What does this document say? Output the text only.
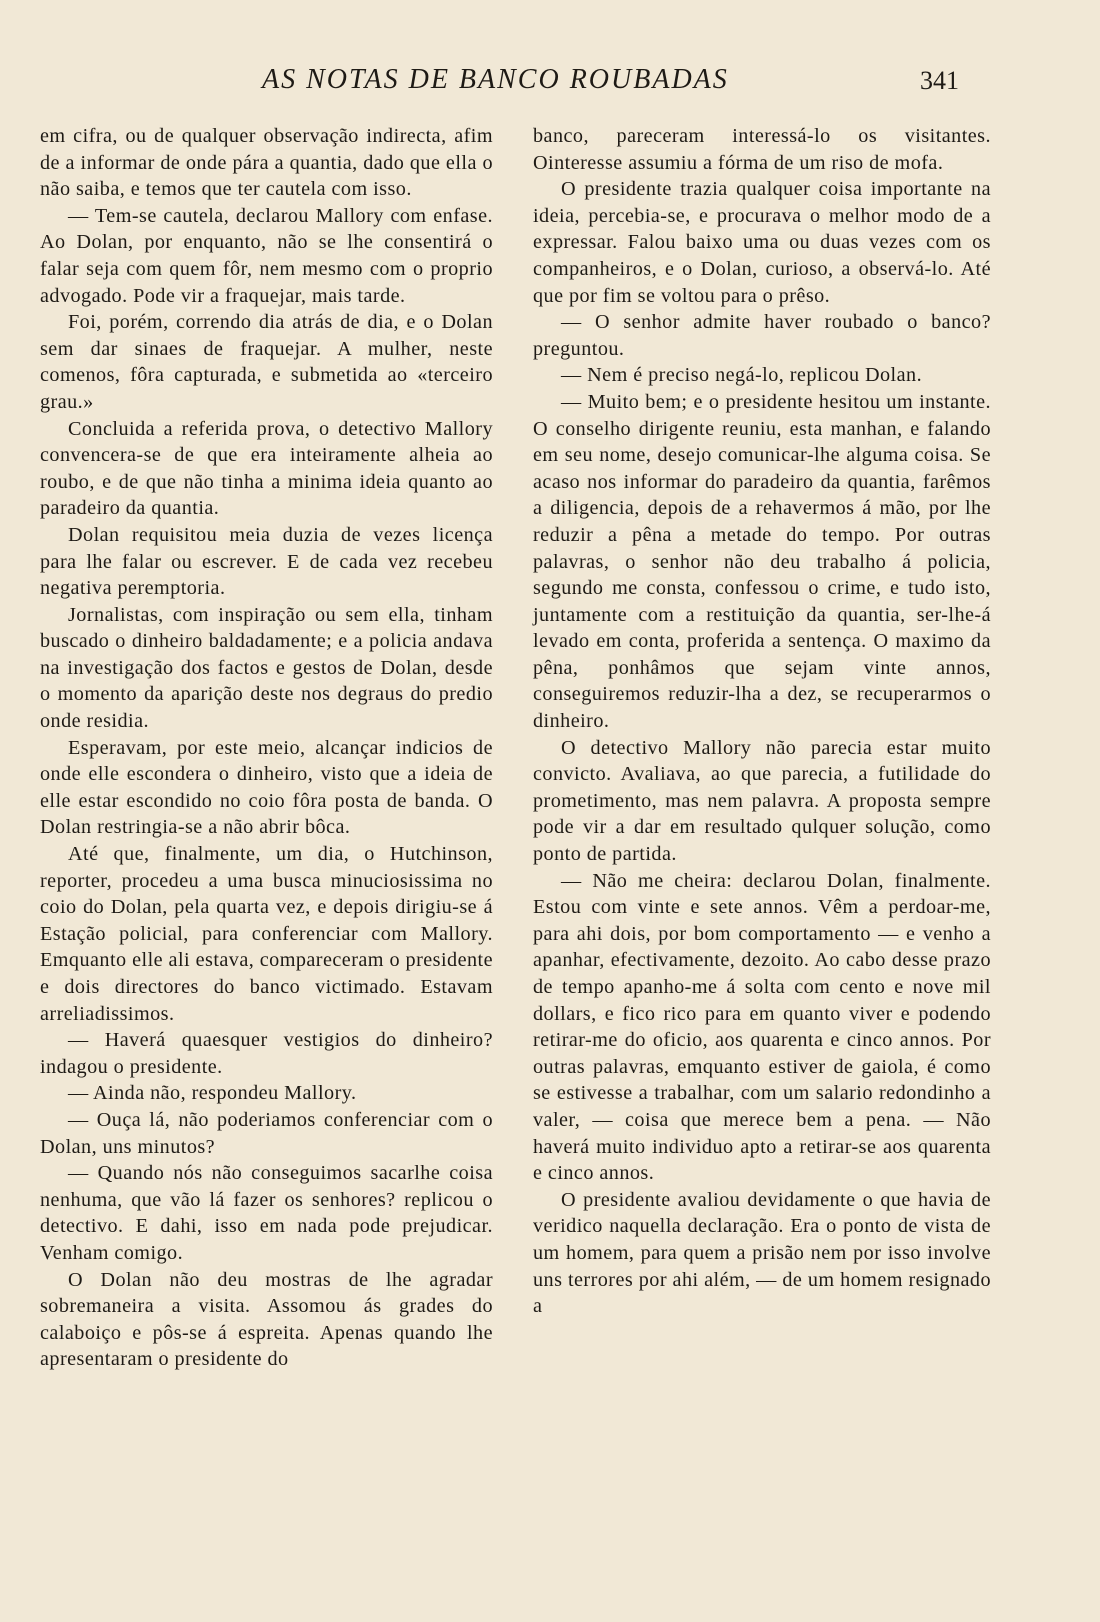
AS NOTAS DE BANCO ROUBADAS	341

em cifra, ou de qualquer observação indirecta, afim de a informar de onde pára a quantia, dado que ella o não saiba, e temos que ter cautela com isso.

— Tem-se cautela, declarou Mallory com enfase. Ao Dolan, por enquanto, não se lhe consentirá o falar seja com quem fôr, nem mesmo com o proprio advogado. Pode vir a fraquejar, mais tarde.

Foi, porém, correndo dia atrás de dia, e o Dolan sem dar sinaes de fraquejar. A mulher, neste comenos, fôra capturada, e submetida ao «terceiro grau.»

Concluida a referida prova, o detectivo Mallory convencera-se de que era inteiramente alheia ao roubo, e de que não tinha a minima ideia quanto ao paradeiro da quantia.

Dolan requisitou meia duzia de vezes licença para lhe falar ou escrever. E de cada vez recebeu negativa peremptoria.

Jornalistas, com inspiração ou sem ella, tinham buscado o dinheiro baldadamente; e a policia andava na investigação dos factos e gestos de Dolan, desde o momento da aparição deste nos degraus do predio onde residia.

Esperavam, por este meio, alcançar indicios de onde elle escondera o dinheiro, visto que a ideia de elle estar escondido no coio fôra posta de banda. O Dolan restringia-se a não abrir bôca.

Até que, finalmente, um dia, o Hutchinson, reporter, procedeu a uma busca minuciosissima no coio do Dolan, pela quarta vez, e depois dirigiu-se á Estação policial, para conferenciar com Mallory. Emquanto elle ali estava, compareceram o presidente e dois directores do banco victimado. Estavam arreliadissimos.

— Haverá quaesquer vestigios do dinheiro? indagou o presidente.

— Ainda não, respondeu Mallory.

— Ouça lá, não poderiamos conferenciar com o Dolan, uns minutos?

— Quando nós não conseguimos sacarlhe coisa nenhuma, que vão lá fazer os senhores? replicou o detectivo. E dahi, isso em nada pode prejudicar. Venham comigo.

O Dolan não deu mostras de lhe agradar sobremaneira a visita. Assomou ás grades do calaboiço e pôs-se á espreita. Apenas quando lhe apresentaram o presidente do

banco, pareceram interessá-lo os visitantes. Ointeresse assumiu a fórma de um riso de mofa.

O presidente trazia qualquer coisa importante na ideia, percebia-se, e procurava o melhor modo de a expressar. Falou baixo uma ou duas vezes com os companheiros, e o Dolan, curioso, a observá-lo. Até que por fim se voltou para o prêso.

— O senhor admite haver roubado o banco? preguntou.

— Nem é preciso negá-lo, replicou Dolan.

— Muito bem; e o presidente hesitou um instante. O conselho dirigente reuniu, esta manhan, e falando em seu nome, desejo comunicar-lhe alguma coisa. Se acaso nos informar do paradeiro da quantia, farêmos a diligencia, depois de a rehavermos á mão, por lhe reduzir a pêna a metade do tempo. Por outras palavras, o senhor não deu trabalho á policia, segundo me consta, confessou o crime, e tudo isto, juntamente com a restituição da quantia, ser-lhe-á levado em conta, proferida a sentença. O maximo da pêna, ponhâmos que sejam vinte annos, conseguiremos reduzir-lha a dez, se recuperarmos o dinheiro.

O detectivo Mallory não parecia estar muito convicto. Avaliava, ao que parecia, a futilidade do prometimento, mas nem palavra. A proposta sempre pode vir a dar em resultado qulquer solução, como ponto de partida.

— Não me cheira: declarou Dolan, finalmente. Estou com vinte e sete annos. Vêm a perdoar-me, para ahi dois, por bom comportamento — e venho a apanhar, efectivamente, dezoito. Ao cabo desse prazo de tempo apanho-me á solta com cento e nove mil dollars, e fico rico para em quanto viver e podendo retirar-me do oficio, aos quarenta e cinco annos. Por outras palavras, emquanto estiver de gaiola, é como se estivesse a trabalhar, com um salario redondinho a valer, — coisa que merece bem a pena. — Não haverá muito individuo apto a retirar-se aos quarenta e cinco annos.

O presidente avaliou devidamente o que havia de veridico naquella declaração. Era o ponto de vista de um homem, para quem a prisão nem por isso involve uns terrores por ahi além, — de um homem resignado a
